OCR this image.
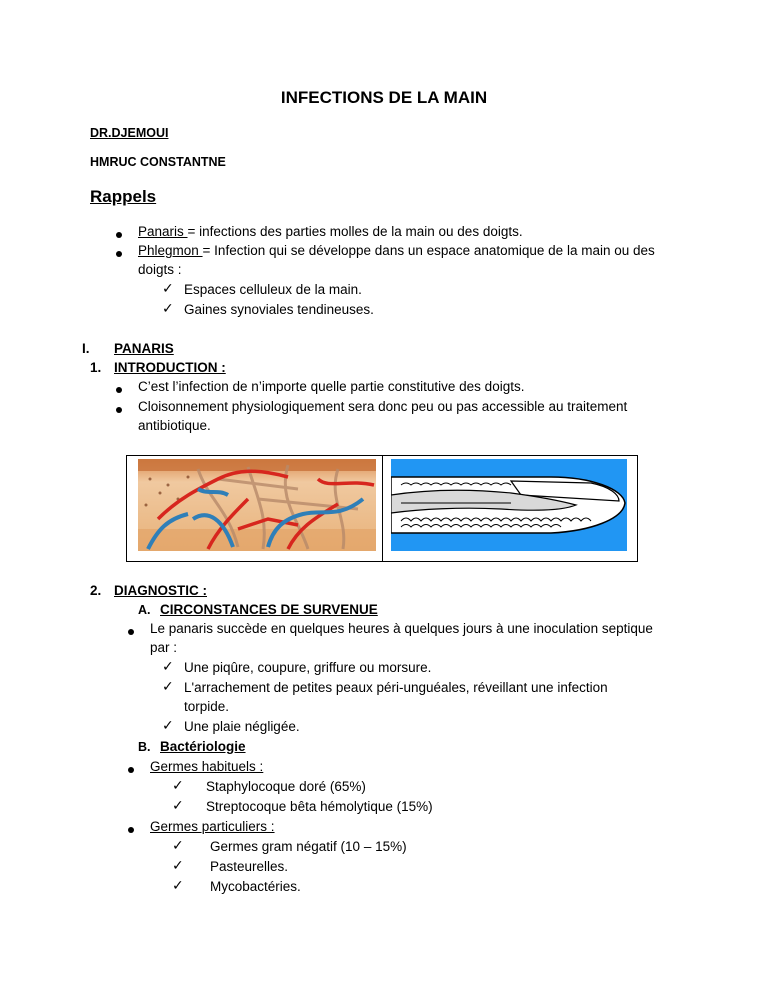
INFECTIONS DE LA MAIN
DR.DJEMOUI
HMRUC CONSTANTNE
Rappels
Panaris = infections des parties molles de la main ou des doigts.
Phlegmon = Infection qui se développe dans un espace anatomique de la main ou des
doigts :
✓ Espaces celluleux de la main.
✓ Gaines synoviales tendineuses.
I. PANARIS
1. INTRODUCTION :
C’est l’infection de n’importe quelle partie constitutive des doigts.
Cloisonnement physiologiquement sera donc peu ou pas accessible au traitement
antibiotique.
2. DIAGNOSTIC :
A. CIRCONSTANCES DE SURVENUE
Le panaris succède en quelques heures à quelques jours à une inoculation septique
par :
✓ Une piqûre, coupure, griffure ou morsure.
✓ L'arrachement de petites peaux péri-unguéales, réveillant une infection
torpide.
✓ Une plaie négligée.
B. Bactériologie
Germes habituels :
✓ Staphylocoque doré (65%)
✓ Streptocoque bêta hémolytique (15%)
Germes particuliers :
✓ Germes gram négatif (10 – 15%)
✓ Pasteurelles.
✓ Mycobactéries.
